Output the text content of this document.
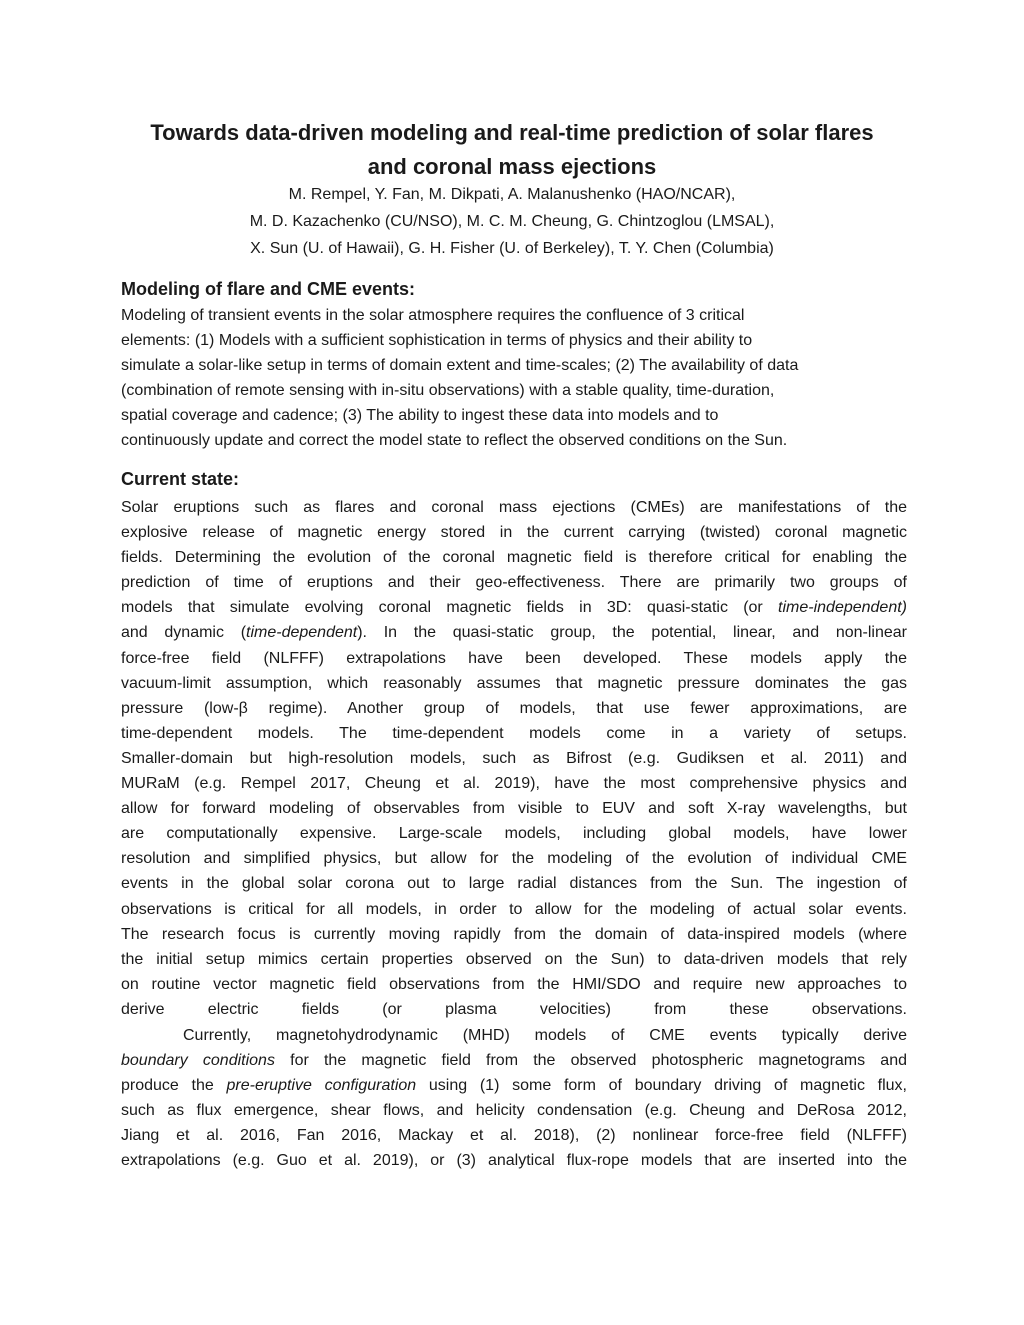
Towards data-driven modeling and real-time prediction of solar flares
and coronal mass ejections
M. Rempel, Y. Fan, M. Dikpati, A. Malanushenko (HAO/NCAR),
M. D. Kazachenko (CU/NSO), M. C. M. Cheung, G. Chintzoglou (LMSAL),
X. Sun (U. of Hawaii), G. H. Fisher (U. of Berkeley), T. Y. Chen (Columbia)
Modeling of flare and CME events:
Modeling of transient events in the solar atmosphere requires the confluence of 3 critical
elements: (1) Models with a sufficient sophistication in terms of physics and their ability to
simulate a solar-like setup in terms of domain extent and time-scales; (2) The availability of data
(combination of remote sensing with in-situ observations) with a stable quality, time-duration,
spatial coverage and cadence; (3) The ability to ingest these data into models and to
continuously update and correct the model state to reflect the observed conditions on the Sun.
Current state:
Solar eruptions such as flares and coronal mass ejections (CMEs) are manifestations of the
explosive release of magnetic energy stored in the current carrying (twisted) coronal magnetic
fields. Determining the evolution of the coronal magnetic field is therefore critical for enabling the
prediction of time of eruptions and their geo-effectiveness. There are primarily two groups of
models that simulate evolving coronal magnetic fields in 3D: quasi-static (or time-independent)
and dynamic (time-dependent). In the quasi-static group, the potential, linear, and non-linear
force-free field (NLFFF) extrapolations have been developed. These models apply the
vacuum-limit assumption, which reasonably assumes that magnetic pressure dominates the gas
pressure (low-β regime). Another group of models, that use fewer approximations, are
time-dependent models. The time-dependent models come in a variety of setups.
Smaller-domain but high-resolution models, such as Bifrost (e.g. Gudiksen et al. 2011) and
MURaM (e.g. Rempel 2017, Cheung et al. 2019), have the most comprehensive physics and
allow for forward modeling of observables from visible to EUV and soft X-ray wavelengths, but
are computationally expensive. Large-scale models, including global models, have lower
resolution and simplified physics, but allow for the modeling of the evolution of individual CME
events in the global solar corona out to large radial distances from the Sun. The ingestion of
observations is critical for all models, in order to allow for the modeling of actual solar events.
The research focus is currently moving rapidly from the domain of data-inspired models (where
the initial setup mimics certain properties observed on the Sun) to data-driven models that rely
on routine vector magnetic field observations from the HMI/SDO and require new approaches to
derive electric fields (or plasma velocities) from these observations.
Currently, magnetohydrodynamic (MHD) models of CME events typically derive
boundary conditions for the magnetic field from the observed photospheric magnetograms and
produce the pre-eruptive configuration using (1) some form of boundary driving of magnetic flux,
such as flux emergence, shear flows, and helicity condensation (e.g. Cheung and DeRosa 2012,
Jiang et al. 2016, Fan 2016, Mackay et al. 2018), (2) nonlinear force-free field (NLFFF)
extrapolations (e.g. Guo et al. 2019), or (3) analytical flux-rope models that are inserted into the
